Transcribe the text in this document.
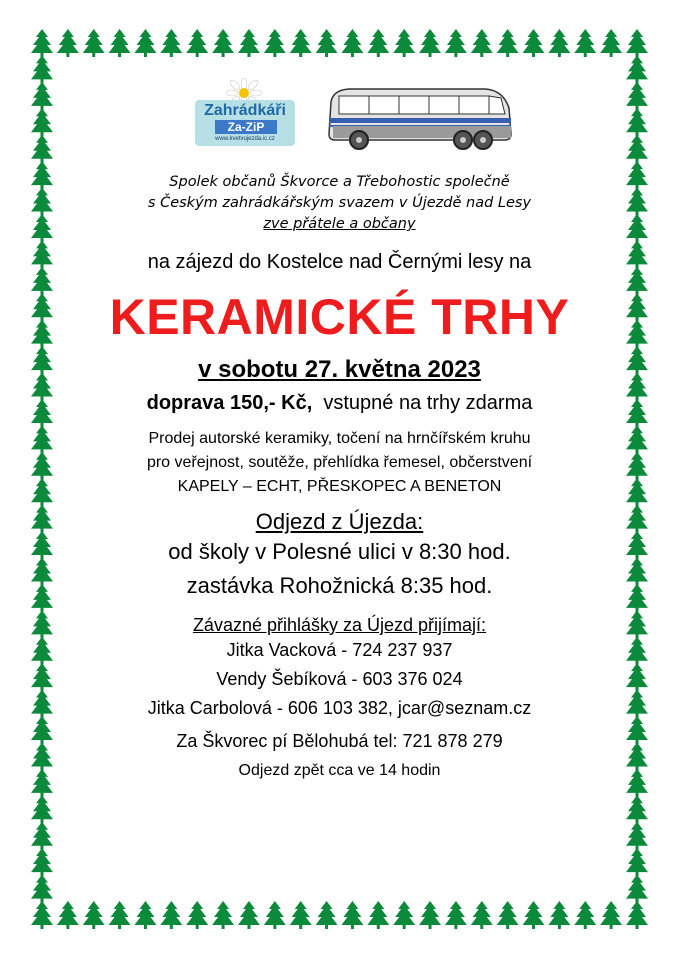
Zahrádkáři
Za-ZiP
www.kvetvujezda.ic.cz
Spolek občanů Škvorce a Třebohostic společně
s Českým zahrádkářským svazem v Újezdě nad Lesy
zve přátele a občany
na zájezd do Kostelce nad Černými lesy na
KERAMICKÉ TRHY
v sobotu 27. května 2023
doprava 150,- Kč, vstupné na trhy zdarma
Prodej autorské keramiky, točení na hrnčířském kruhu
pro veřejnost, soutěže, přehlídka řemesel, občerstvení
KAPELY – ECHT, PŘESKOPEC A BENETON
Odjezd z Újezda:
od školy v Polesné ulici v 8:30 hod.
zastávka Rohožnická 8:35 hod.
Závazné přihlášky za Újezd přijímají:
Jitka Vacková - 724 237 937
Vendy Šebíková - 603 376 024
Jitka Carbolová - 606 103 382, jcar@seznam.cz
Za Škvorec pí Bělohubá tel: 721 878 279
Odjezd zpět cca ve 14 hodin
